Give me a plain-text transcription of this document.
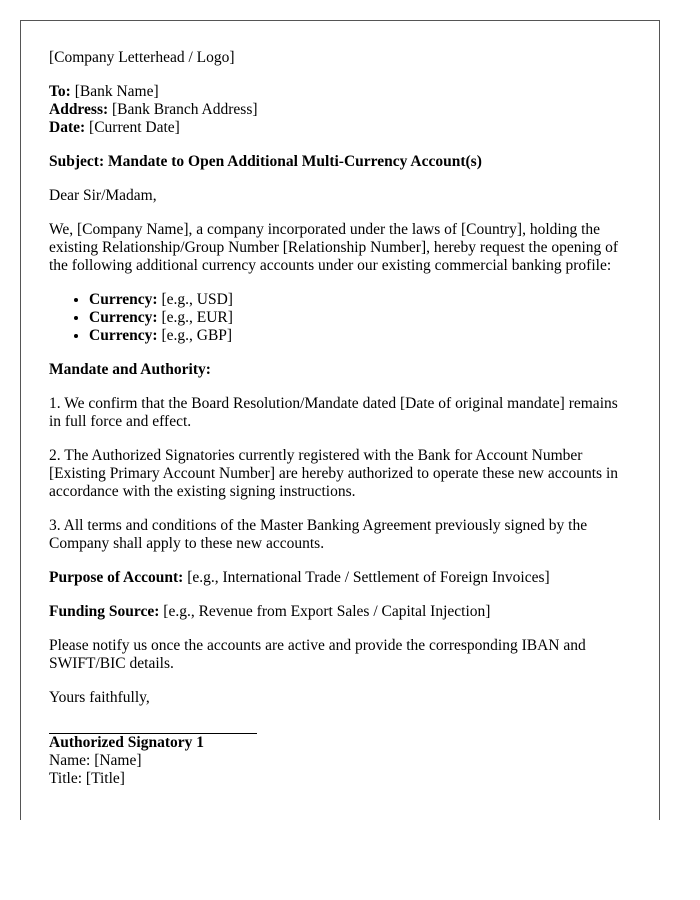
[Company Letterhead / Logo]

To: [Bank Name]
Address: [Bank Branch Address]
Date: [Current Date]

Subject: Mandate to Open Additional Multi-Currency Account(s)

Dear Sir/Madam,

We, [Company Name], a company incorporated under the laws of [Country], holding the existing Relationship/Group Number [Relationship Number], hereby request the opening of the following additional currency accounts under our existing commercial banking profile:

• Currency: [e.g., USD]
• Currency: [e.g., EUR]
• Currency: [e.g., GBP]

Mandate and Authority:

1. We confirm that the Board Resolution/Mandate dated [Date of original mandate] remains in full force and effect.

2. The Authorized Signatories currently registered with the Bank for Account Number [Existing Primary Account Number] are hereby authorized to operate these new accounts in accordance with the existing signing instructions.

3. All terms and conditions of the Master Banking Agreement previously signed by the Company shall apply to these new accounts.

Purpose of Account: [e.g., International Trade / Settlement of Foreign Invoices]

Funding Source: [e.g., Revenue from Export Sales / Capital Injection]

Please notify us once the accounts are active and provide the corresponding IBAN and SWIFT/BIC details.

Yours faithfully,

Authorized Signatory 1
Name: [Name]
Title: [Title]
